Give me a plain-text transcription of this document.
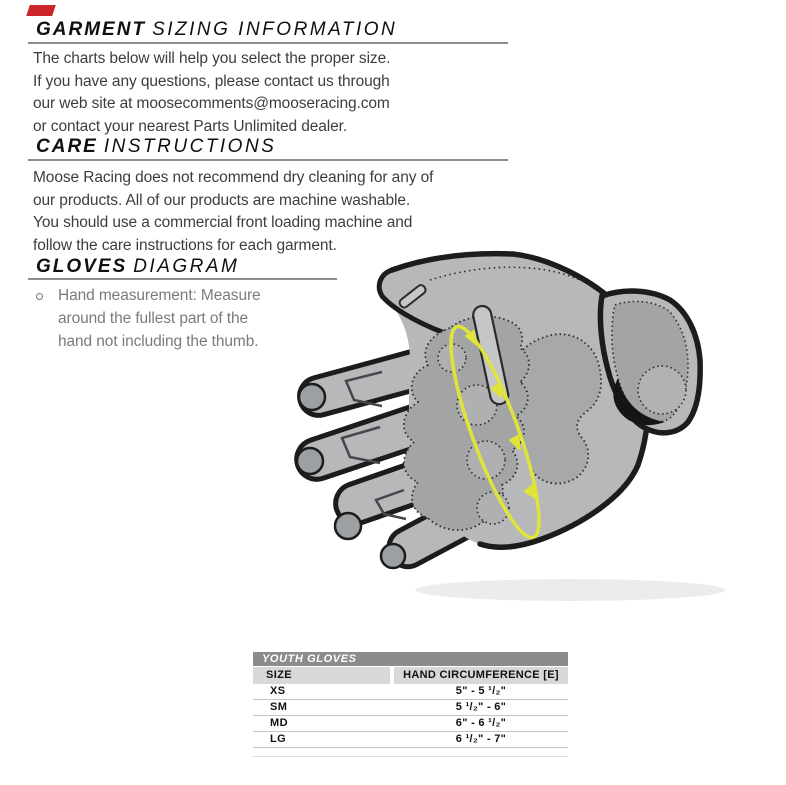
GARMENT SIZING INFORMATION
The charts below will help you select the proper size.
If you have any questions, please contact us through
our web site at moosecomments@mooseracing.com
or contact your nearest Parts Unlimited dealer.
CARE INSTRUCTIONS
Moose Racing does not recommend dry cleaning for any of
our products. All of our products are machine washable.
You should use a commercial front loading machine and
follow the care instructions for each garment.
GLOVES DIAGRAM
Hand measurement: Measure
around the fullest part of the
hand not including the thumb.
YOUTH GLOVES
SIZE	HAND CIRCUMFERENCE [E]
XS	5" - 5 ¹/₂"
SM	5 ¹/₂" - 6"
MD	6" - 6 ¹/₂"
LG	6 ¹/₂" - 7"
